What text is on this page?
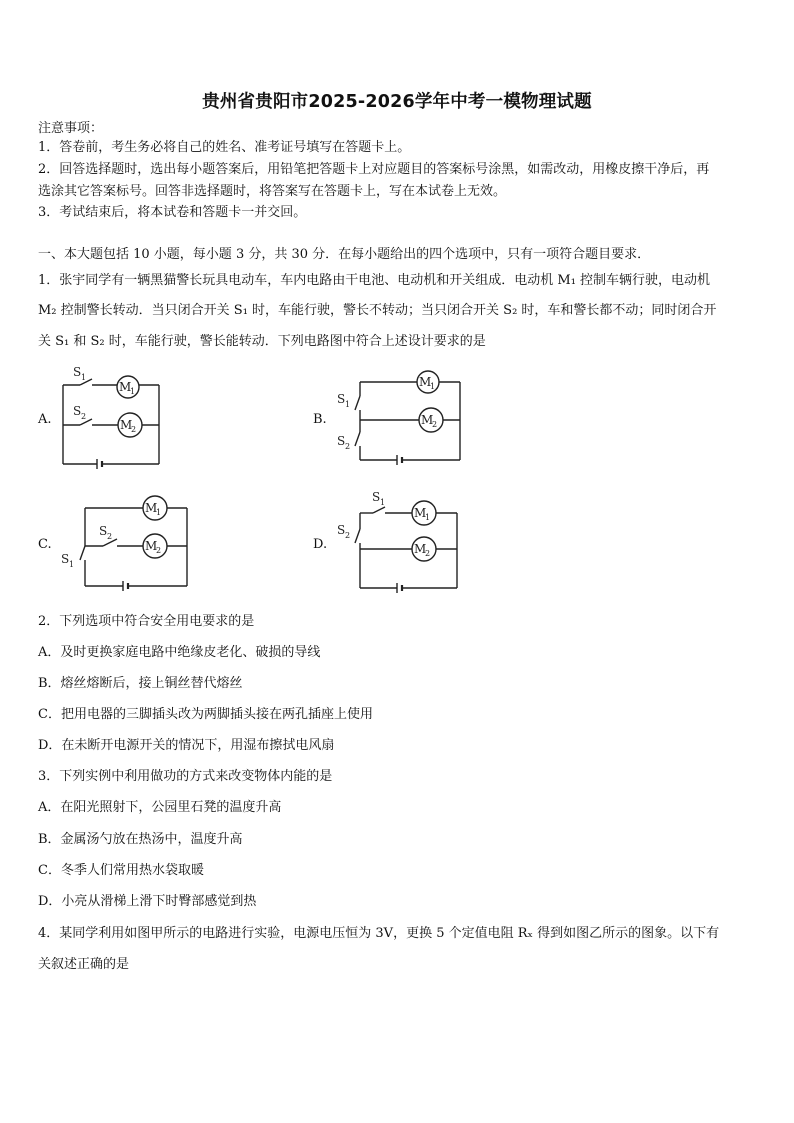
贵州省贵阳市2025-2026学年中考一模物理试题
注意事项：
1．答卷前，考生务必将自己的姓名、准考证号填写在答题卡上。
2．回答选择题时，选出每小题答案后，用铅笔把答题卡上对应题目的答案标号涂黑，如需改动，用橡皮擦干净后，再
选涂其它答案标号。回答非选择题时，将答案写在答题卡上，写在本试卷上无效。
3．考试结束后，将本试卷和答题卡一并交回。
一、本大题包括 10 小题，每小题 3 分，共 30 分．在每小题给出的四个选项中，只有一项符合题目要求．
1．张宇同学有一辆黑猫警长玩具电动车，车内电路由干电池、电动机和开关组成．电动机 M₁ 控制车辆行驶，电动机
M₂ 控制警长转动．当只闭合开关 S₁ 时，车能行驶，警长不转动；当只闭合开关 S₂ 时，车和警长都不动；同时闭合开
关 S₁ 和 S₂ 时，车能行驶，警长能转动．下列电路图中符合上述设计要求的是
A.
S 1
S 2
M
1
M
2
B.
S 1
S 2
M
1
M
2
C.
S 1
S 2
M
1
M
2	D.
S 1
S 2
M
1
M
2
2．下列选项中符合安全用电要求的是
A．及时更换家庭电路中绝缘皮老化、破损的导线
B．熔丝熔断后，接上铜丝替代熔丝
C．把用电器的三脚插头改为两脚插头接在两孔插座上使用
D．在未断开电源开关的情况下，用湿布擦拭电风扇
3．下列实例中利用做功的方式来改变物体内能的是
A．在阳光照射下，公园里石凳的温度升高
B．金属汤勺放在热汤中，温度升高
C．冬季人们常用热水袋取暖
D．小亮从滑梯上滑下时臀部感觉到热
4．某同学利用如图甲所示的电路进行实验，电源电压恒为 3V，更换 5 个定值电阻 Rₓ 得到如图乙所示的图象。以下有
关叙述正确的是
